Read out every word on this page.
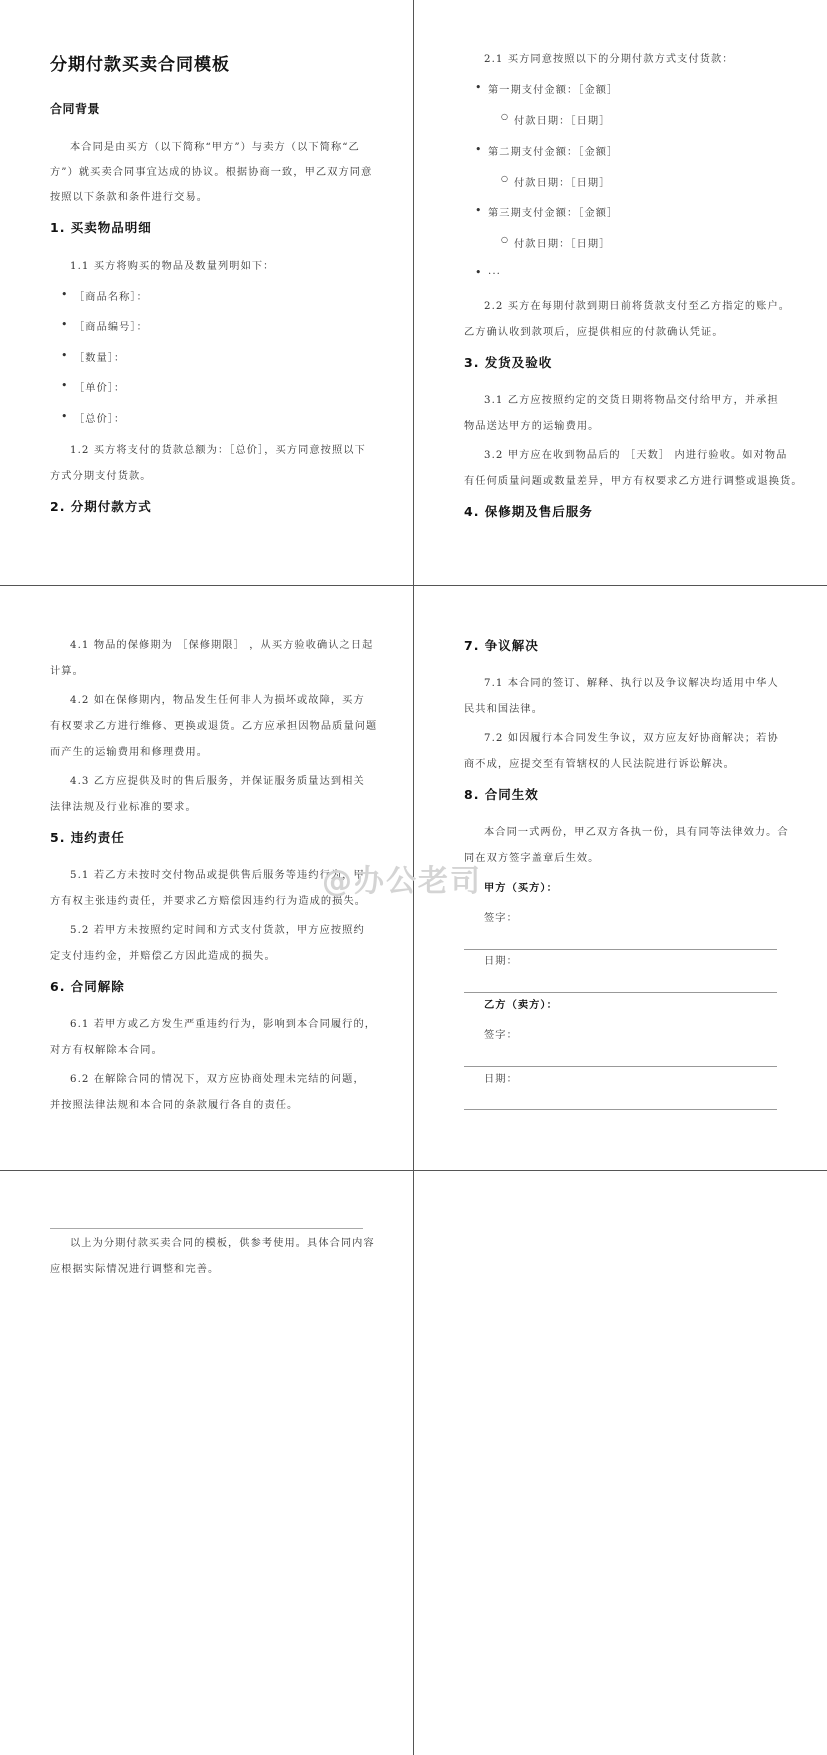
分期付款买卖合同模板
合同背景
本合同是由买方（以下简称“甲方”）与卖方（以下简称“乙
方”）就买卖合同事宜达成的协议。根据协商一致，甲乙双方同意
按照以下条款和条件进行交易。
1. 买卖物品明细
1.1 买方将购买的物品及数量列明如下：
• ［商品名称］：
• ［商品编号］：
• ［数量］：
• ［单价］：
• ［总价］：
1.2 买方将支付的货款总额为：［总价］，买方同意按照以下
方式分期支付货款。
2. 分期付款方式
2.1 买方同意按照以下的分期付款方式支付货款：
• 第一期支付金额：［金额］
○ 付款日期：［日期］
• 第二期支付金额：［金额］
○ 付款日期：［日期］
• 第三期支付金额：［金额］
○ 付款日期：［日期］
• ...
2.2 买方在每期付款到期日前将货款支付至乙方指定的账户。
乙方确认收到款项后，应提供相应的付款确认凭证。
3. 发货及验收
3.1 乙方应按照约定的交货日期将物品交付给甲方，并承担
物品送达甲方的运输费用。
3.2 甲方应在收到物品后的 ［天数］ 内进行验收。如对物品
有任何质量问题或数量差异，甲方有权要求乙方进行调整或退换货。
4. 保修期及售后服务
4.1 物品的保修期为 ［保修期限］ ，从买方验收确认之日起
计算。
4.2 如在保修期内，物品发生任何非人为损坏或故障，买方
有权要求乙方进行维修、更换或退货。乙方应承担因物品质量问题
而产生的运输费用和修理费用。
4.3 乙方应提供及时的售后服务，并保证服务质量达到相关
法律法规及行业标准的要求。
5. 违约责任
5.1 若乙方未按时交付物品或提供售后服务等违约行为，甲
方有权主张违约责任，并要求乙方赔偿因违约行为造成的损失。
5.2 若甲方未按照约定时间和方式支付货款，甲方应按照约
定支付违约金，并赔偿乙方因此造成的损失。
6. 合同解除
6.1 若甲方或乙方发生严重违约行为，影响到本合同履行的，
对方有权解除本合同。
6.2 在解除合同的情况下，双方应协商处理未完结的问题，
并按照法律法规和本合同的条款履行各自的责任。
7. 争议解决
7.1 本合同的签订、解释、执行以及争议解决均适用中华人
民共和国法律。
7.2 如因履行本合同发生争议，双方应友好协商解决；若协
商不成，应提交至有管辖权的人民法院进行诉讼解决。
8. 合同生效
本合同一式两份，甲乙双方各执一份，具有同等法律效力。合
同在双方签字盖章后生效。
甲方（买方）：
签字：
日期：
乙方（卖方）：
签字：
日期：
以上为分期付款买卖合同的模板，供参考使用。具体合同内容
应根据实际情况进行调整和完善。
@办公老司
